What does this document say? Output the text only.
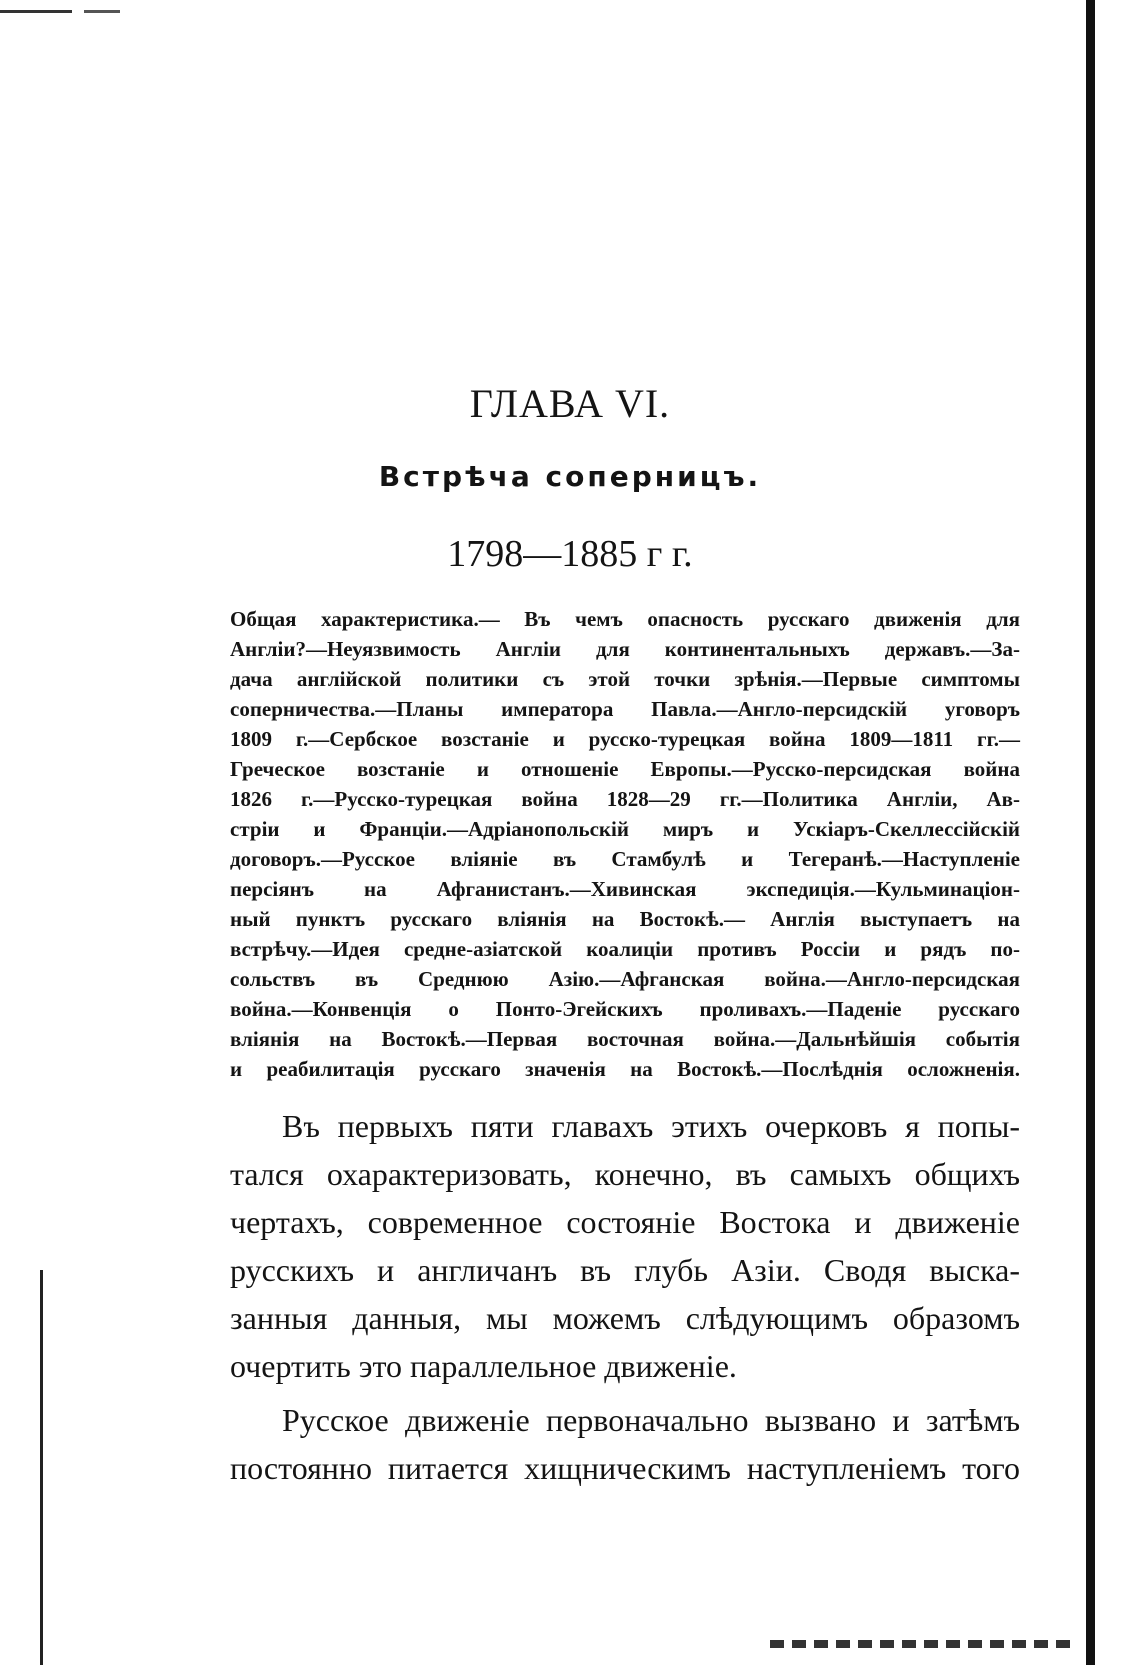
ГЛАВА VI.
Встрѣча соперницъ.
1798—1885 г г.
Общая характеристика.— Въ чемъ опасность русскаго движенія для
Англіи?—Неуязвимость Англіи для континентальныхъ державъ.—За-
дача англійской политики съ этой точки зрѣнія.—Первые симптомы
соперничества.—Планы императора Павла.—Англо-персидскій уговоръ
1809 г.—Сербское возстаніе и русско-турецкая война 1809—1811 гг.—
Греческое возстаніе и отношеніе Европы.—Русско-персидская война
1826 г.—Русско-турецкая война 1828—29 гг.—Политика Англіи, Ав-
стріи и Франціи.—Адріанопольскій миръ и Ускіаръ-Скеллессійскій
договоръ.—Русское вліяніе въ Стамбулѣ и Тегеранѣ.—Наступленіе
персіянъ на Афганистанъ.—Хивинская экспедиція.—Кульминаціон-
ный пунктъ русскаго вліянія на Востокѣ.— Англія выступаетъ на
встрѣчу.—Идея средне-азіатской коалиціи противъ Россіи и рядъ по-
сольствъ въ Среднюю Азію.—Афганская война.—Англо-персидская
война.—Конвенція о Понто-Эгейскихъ проливахъ.—Паденіе русскаго
вліянія на Востокѣ.—Первая восточная война.—Дальнѣйшія событія
и реабилитація русскаго значенія на Востокѣ.—Послѣднія осложненія.
Въ первыхъ пяти главахъ этихъ очерковъ я попы-
тался охарактеризовать, конечно, въ самыхъ общихъ
чертахъ, современное состояніе Востока и движеніе
русскихъ и англичанъ въ глубь Азіи. Сводя выска-
занныя данныя, мы можемъ слѣдующимъ образомъ
очертить это параллельное движеніе.
Русское движеніе первоначально вызвано и затѣмъ
постоянно питается хищническимъ наступленіемъ того
